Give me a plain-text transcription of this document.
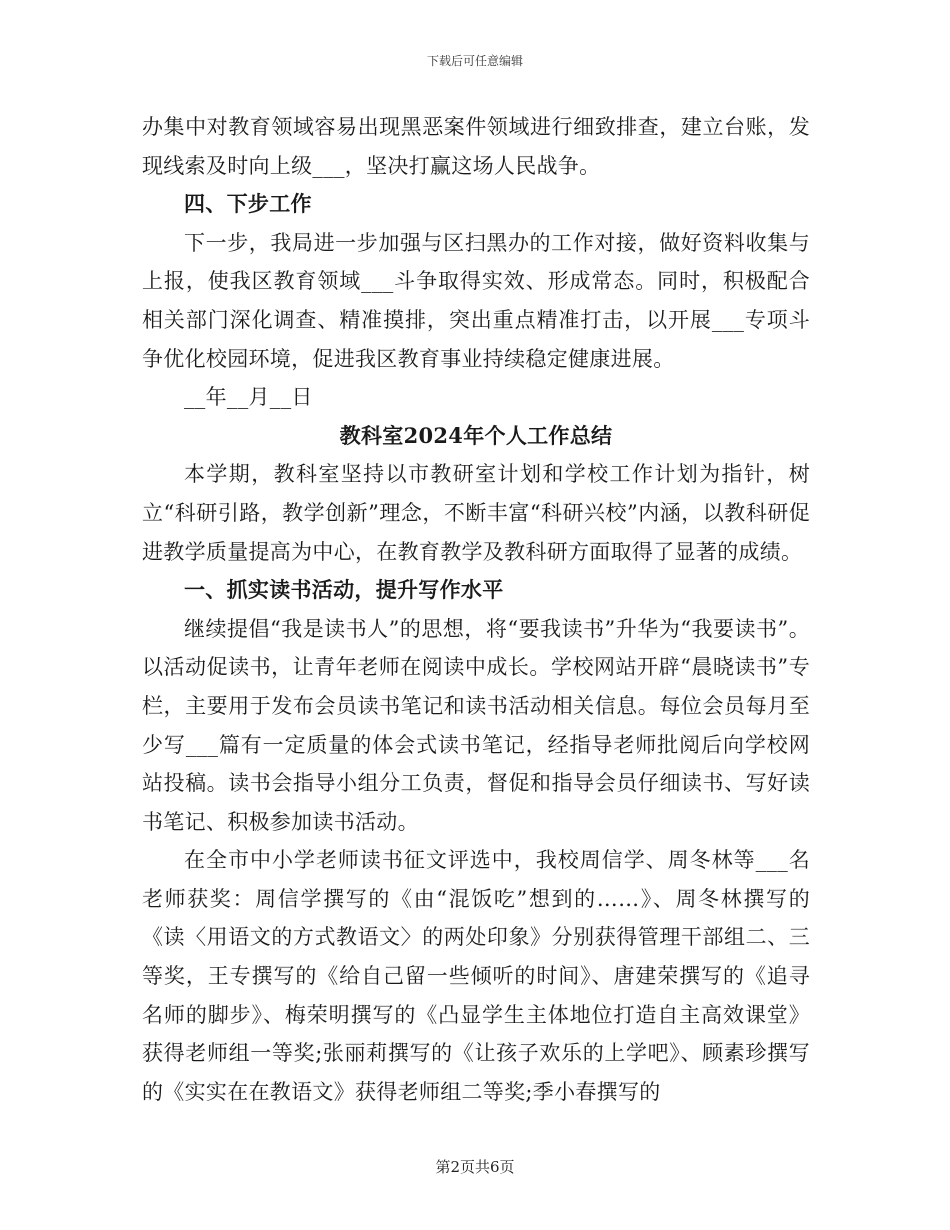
下载后可任意编辑

办集中对教育领域容易出现黑恶案件领域进行细致排查，建立台账，发现线索及时向上级___，坚决打赢这场人民战争。

四、下步工作

下一步，我局进一步加强与区扫黑办的工作对接，做好资料收集与上报，使我区教育领域___斗争取得实效、形成常态。同时，积极配合相关部门深化调查、精准摸排，突出重点精准打击，以开展___专项斗争优化校园环境，促进我区教育事业持续稳定健康进展。

__年__月__日

教科室2024年个人工作总结

本学期，教科室坚持以市教研室计划和学校工作计划为指针，树立“科研引路，教学创新”理念，不断丰富“科研兴校”内涵，以教科研促进教学质量提高为中心，在教育教学及教科研方面取得了显著的成绩。

一、抓实读书活动，提升写作水平

继续提倡“我是读书人”的思想，将“要我读书”升华为“我要读书”。以活动促读书，让青年老师在阅读中成长。学校网站开辟“晨晓读书”专栏，主要用于发布会员读书笔记和读书活动相关信息。每位会员每月至少写___篇有一定质量的体会式读书笔记，经指导老师批阅后向学校网站投稿。读书会指导小组分工负责，督促和指导会员仔细读书、写好读书笔记、积极参加读书活动。

在全市中小学老师读书征文评选中，我校周信学、周冬林等___名老师获奖：周信学撰写的《由“混饭吃”想到的……》、周冬林撰写的《读〈用语文的方式教语文〉的两处印象》分别获得管理干部组二、三等奖，王专撰写的《给自己留一些倾听的时间》、唐建荣撰写的《追寻名师的脚步》、梅荣明撰写的《凸显学生主体地位打造自主高效课堂》获得老师组一等奖;张丽莉撰写的《让孩子欢乐的上学吧》、顾素珍撰写的《实实在在教语文》获得老师组二等奖;季小春撰写的

第2页共6页
